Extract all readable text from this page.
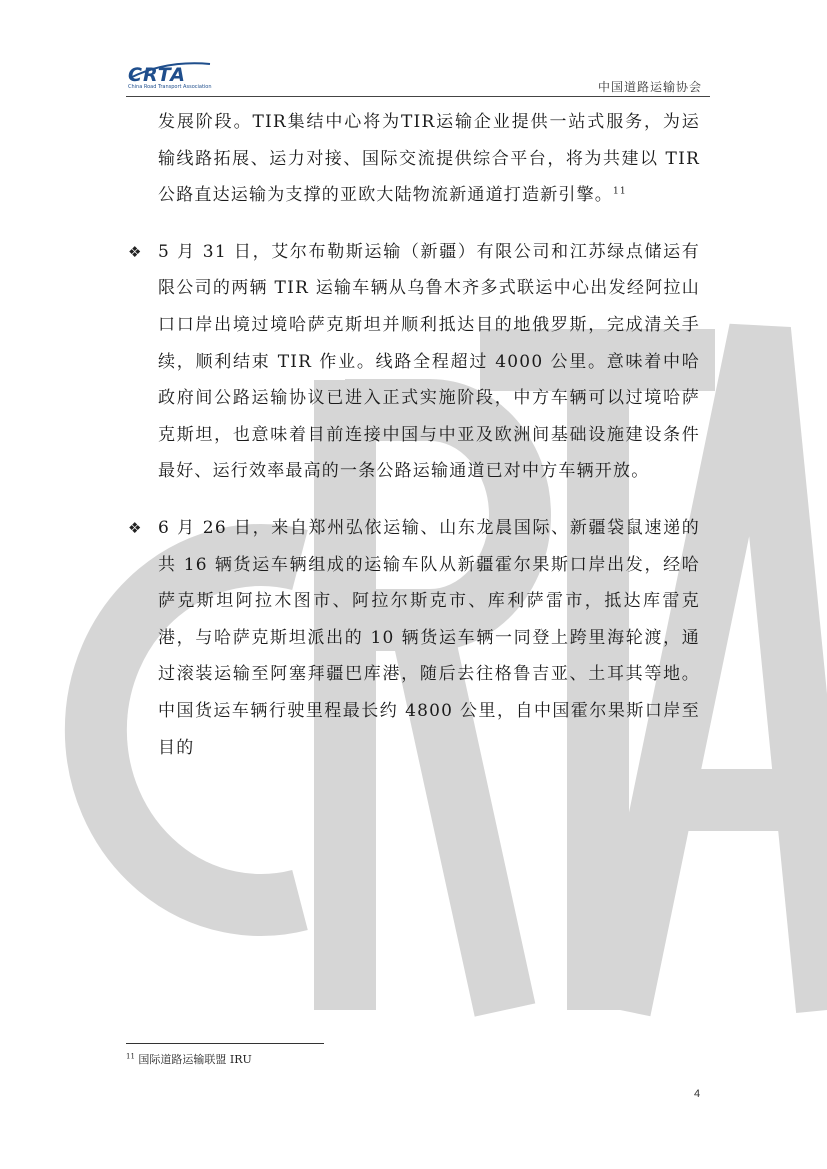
CRTA
China Road Transport Association	中国道路运输协会

发展阶段。TIR集结中心将为TIR运输企业提供一站式服务，为运输线路拓展、运力对接、国际交流提供综合平台，将为共建以 TIR 公路直达运输为支撑的亚欧大陆物流新通道打造新引擎。$^{11}$

❖ 5 月 31 日，艾尔布勒斯运输（新疆）有限公司和江苏绿点储运有限公司的两辆 TIR 运输车辆从乌鲁木齐多式联运中心出发经阿拉山口口岸出境过境哈萨克斯坦并顺利抵达目的地俄罗斯，完成清关手续，顺利结束 TIR 作业。线路全程超过 4000 公里。意味着中哈政府间公路运输协议已进入正式实施阶段，中方车辆可以过境哈萨克斯坦，也意味着目前连接中国与中亚及欧洲间基础设施建设条件最好、运行效率最高的一条公路运输通道已对中方车辆开放。
❖ 6 月 26 日，来自郑州弘依运输、山东龙晨国际、新疆袋鼠速递的共 16 辆货运车辆组成的运输车队从新疆霍尔果斯口岸出发，经哈萨克斯坦阿拉木图市、阿拉尔斯克市、库利萨雷市，抵达库雷克港，与哈萨克斯坦派出的 10 辆货运车辆一同登上跨里海轮渡，通过滚装运输至阿塞拜疆巴库港，随后去往格鲁吉亚、土耳其等地。中国货运车辆行驶里程最长约 4800 公里，自中国霍尔果斯口岸至目的
$^{11}$ 国际道路运输联盟 IRU
4
